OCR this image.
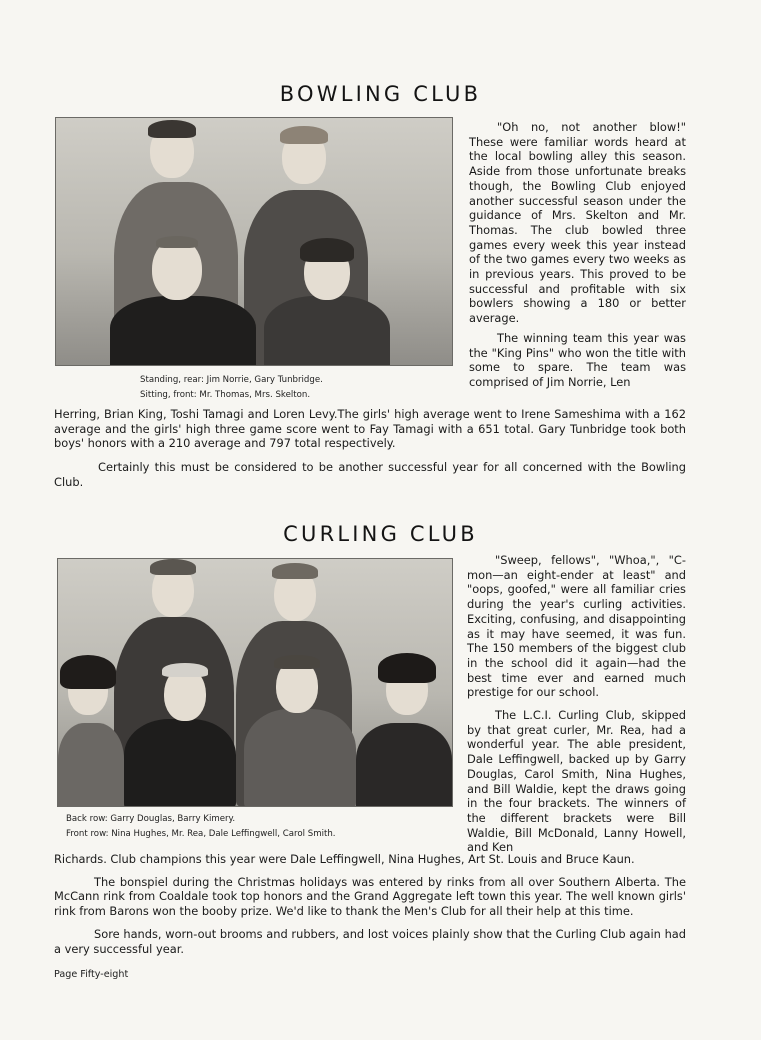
BOWLING CLUB
Standing, rear: Jim Norrie, Gary Tunbridge.
Sitting, front: Mr. Thomas, Mrs. Skelton.

"Oh no, not another blow!" These were familiar words heard at the local bowling alley this season. Aside from those unfortunate breaks though, the Bowling Club enjoyed another successful season under the guidance of Mrs. Skelton and Mr. Thomas. The club bowled three games every week this year instead of the two games every two weeks as in previous years. This proved to be successful and profitable with six bowlers showing a 180 or better average.

The winning team this year was the "King Pins" who won the title with some to spare. The team was comprised of Jim Norrie, Len

Herring, Brian King, Toshi Tamagi and Loren Levy.The girls' high average went to Irene Sameshima with a 162 average and the girls' high three game score went to Fay Tamagi with a 651 total. Gary Tunbridge took both boys' honors with a 210 average and 797 total respectively.

Certainly this must be considered to be another successful year for all concerned with the Bowling Club.

CURLING CLUB
Back row: Garry Douglas, Barry Kimery.
Front row: Nina Hughes, Mr. Rea, Dale Leffingwell, Carol Smith.

"Sweep, fellows", "Whoa,", "C-mon—an eight-ender at least" and "oops, goofed," were all familiar cries during the year's curling activities. Exciting, confusing, and disappointing as it may have seemed, it was fun. The 150 members of the biggest club in the school did it again—had the best time ever and earned much prestige for our school.

The L.C.I. Curling Club, skipped by that great curler, Mr. Rea, had a wonderful year. The able president, Dale Leffingwell, backed up by Garry Douglas, Carol Smith, Nina Hughes, and Bill Waldie, kept the draws going in the four brackets. The winners of the different brackets were Bill Waldie, Bill McDonald, Lanny Howell, and Ken

Richards. Club champions this year were Dale Leffingwell, Nina Hughes, Art St. Louis and Bruce Kaun.

The bonspiel during the Christmas holidays was entered by rinks from all over Southern Alberta. The McCann rink from Coaldale took top honors and the Grand Aggregate left town this year. The well known girls' rink from Barons won the booby prize. We'd like to thank the Men's Club for all their help at this time.

Sore hands, worn-out brooms and rubbers, and lost voices plainly show that the Curling Club again had a very successful year.

Page Fifty-eight
